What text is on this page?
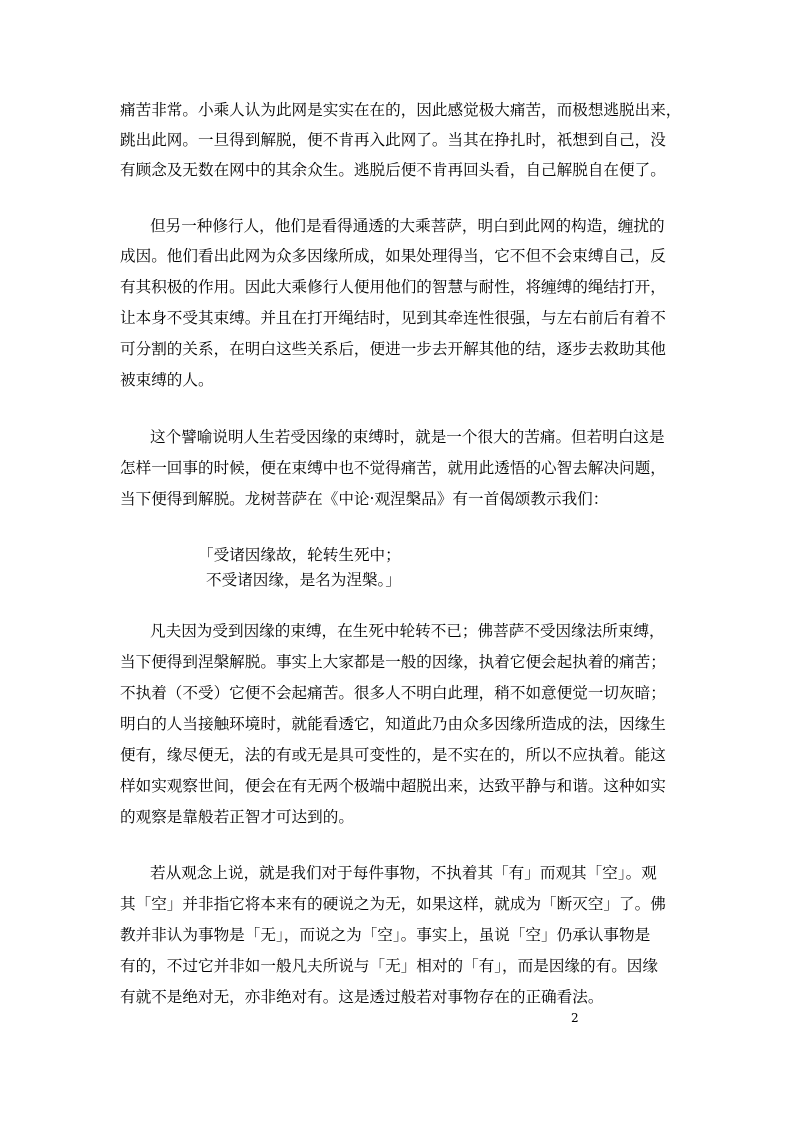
痛苦非常。小乘人认为此网是实实在在的，因此感觉极大痛苦，而极想逃脱出来，
跳出此网。一旦得到解脱，便不肯再入此网了。当其在挣扎时，祇想到自己，没
有顾念及无数在网中的其余众生。逃脱后便不肯再回头看，自己解脱自在便了。
但另一种修行人，他们是看得通透的大乘菩萨，明白到此网的构造，缠扰的
成因。他们看出此网为众多因缘所成，如果处理得当，它不但不会束缚自己，反
有其积极的作用。因此大乘修行人便用他们的智慧与耐性，将缠缚的绳结打开，
让本身不受其束缚。并且在打开绳结时，见到其牵连性很强，与左右前后有着不
可分割的关系，在明白这些关系后，便进一步去开解其他的结，逐步去救助其他
被束缚的人。
这个譬喻说明人生若受因缘的束缚时，就是一个很大的苦痛。但若明白这是
怎样一回事的时候，便在束缚中也不觉得痛苦，就用此透悟的心智去解决问题，
当下便得到解脱。龙树菩萨在《中论‧观涅槃品》有一首偈颂教示我们：
「受诸因缘故，轮转生死中；
不受诸因缘，是名为涅槃。」
凡夫因为受到因缘的束缚，在生死中轮转不已；佛菩萨不受因缘法所束缚，
当下便得到涅槃解脱。事实上大家都是一般的因缘，执着它便会起执着的痛苦；
不执着（不受）它便不会起痛苦。很多人不明白此理，稍不如意便觉一切灰暗；
明白的人当接触环境时，就能看透它，知道此乃由众多因缘所造成的法，因缘生
便有，缘尽便无，法的有或无是具可变性的，是不实在的，所以不应执着。能这
样如实观察世间，便会在有无两个极端中超脱出来，达致平静与和谐。这种如实
的观察是靠般若正智才可达到的。
若从观念上说，就是我们对于每件事物，不执着其「有」而观其「空」。观
其「空」并非指它将本来有的硬说之为无，如果这样，就成为「断灭空」了。佛
教并非认为事物是「无」，而说之为「空」。事实上，虽说「空」仍承认事物是
有的，不过它并非如一般凡夫所说与「无」相对的「有」，而是因缘的有。因缘
有就不是绝对无，亦非绝对有。这是透过般若对事物存在的正确看法。
2
